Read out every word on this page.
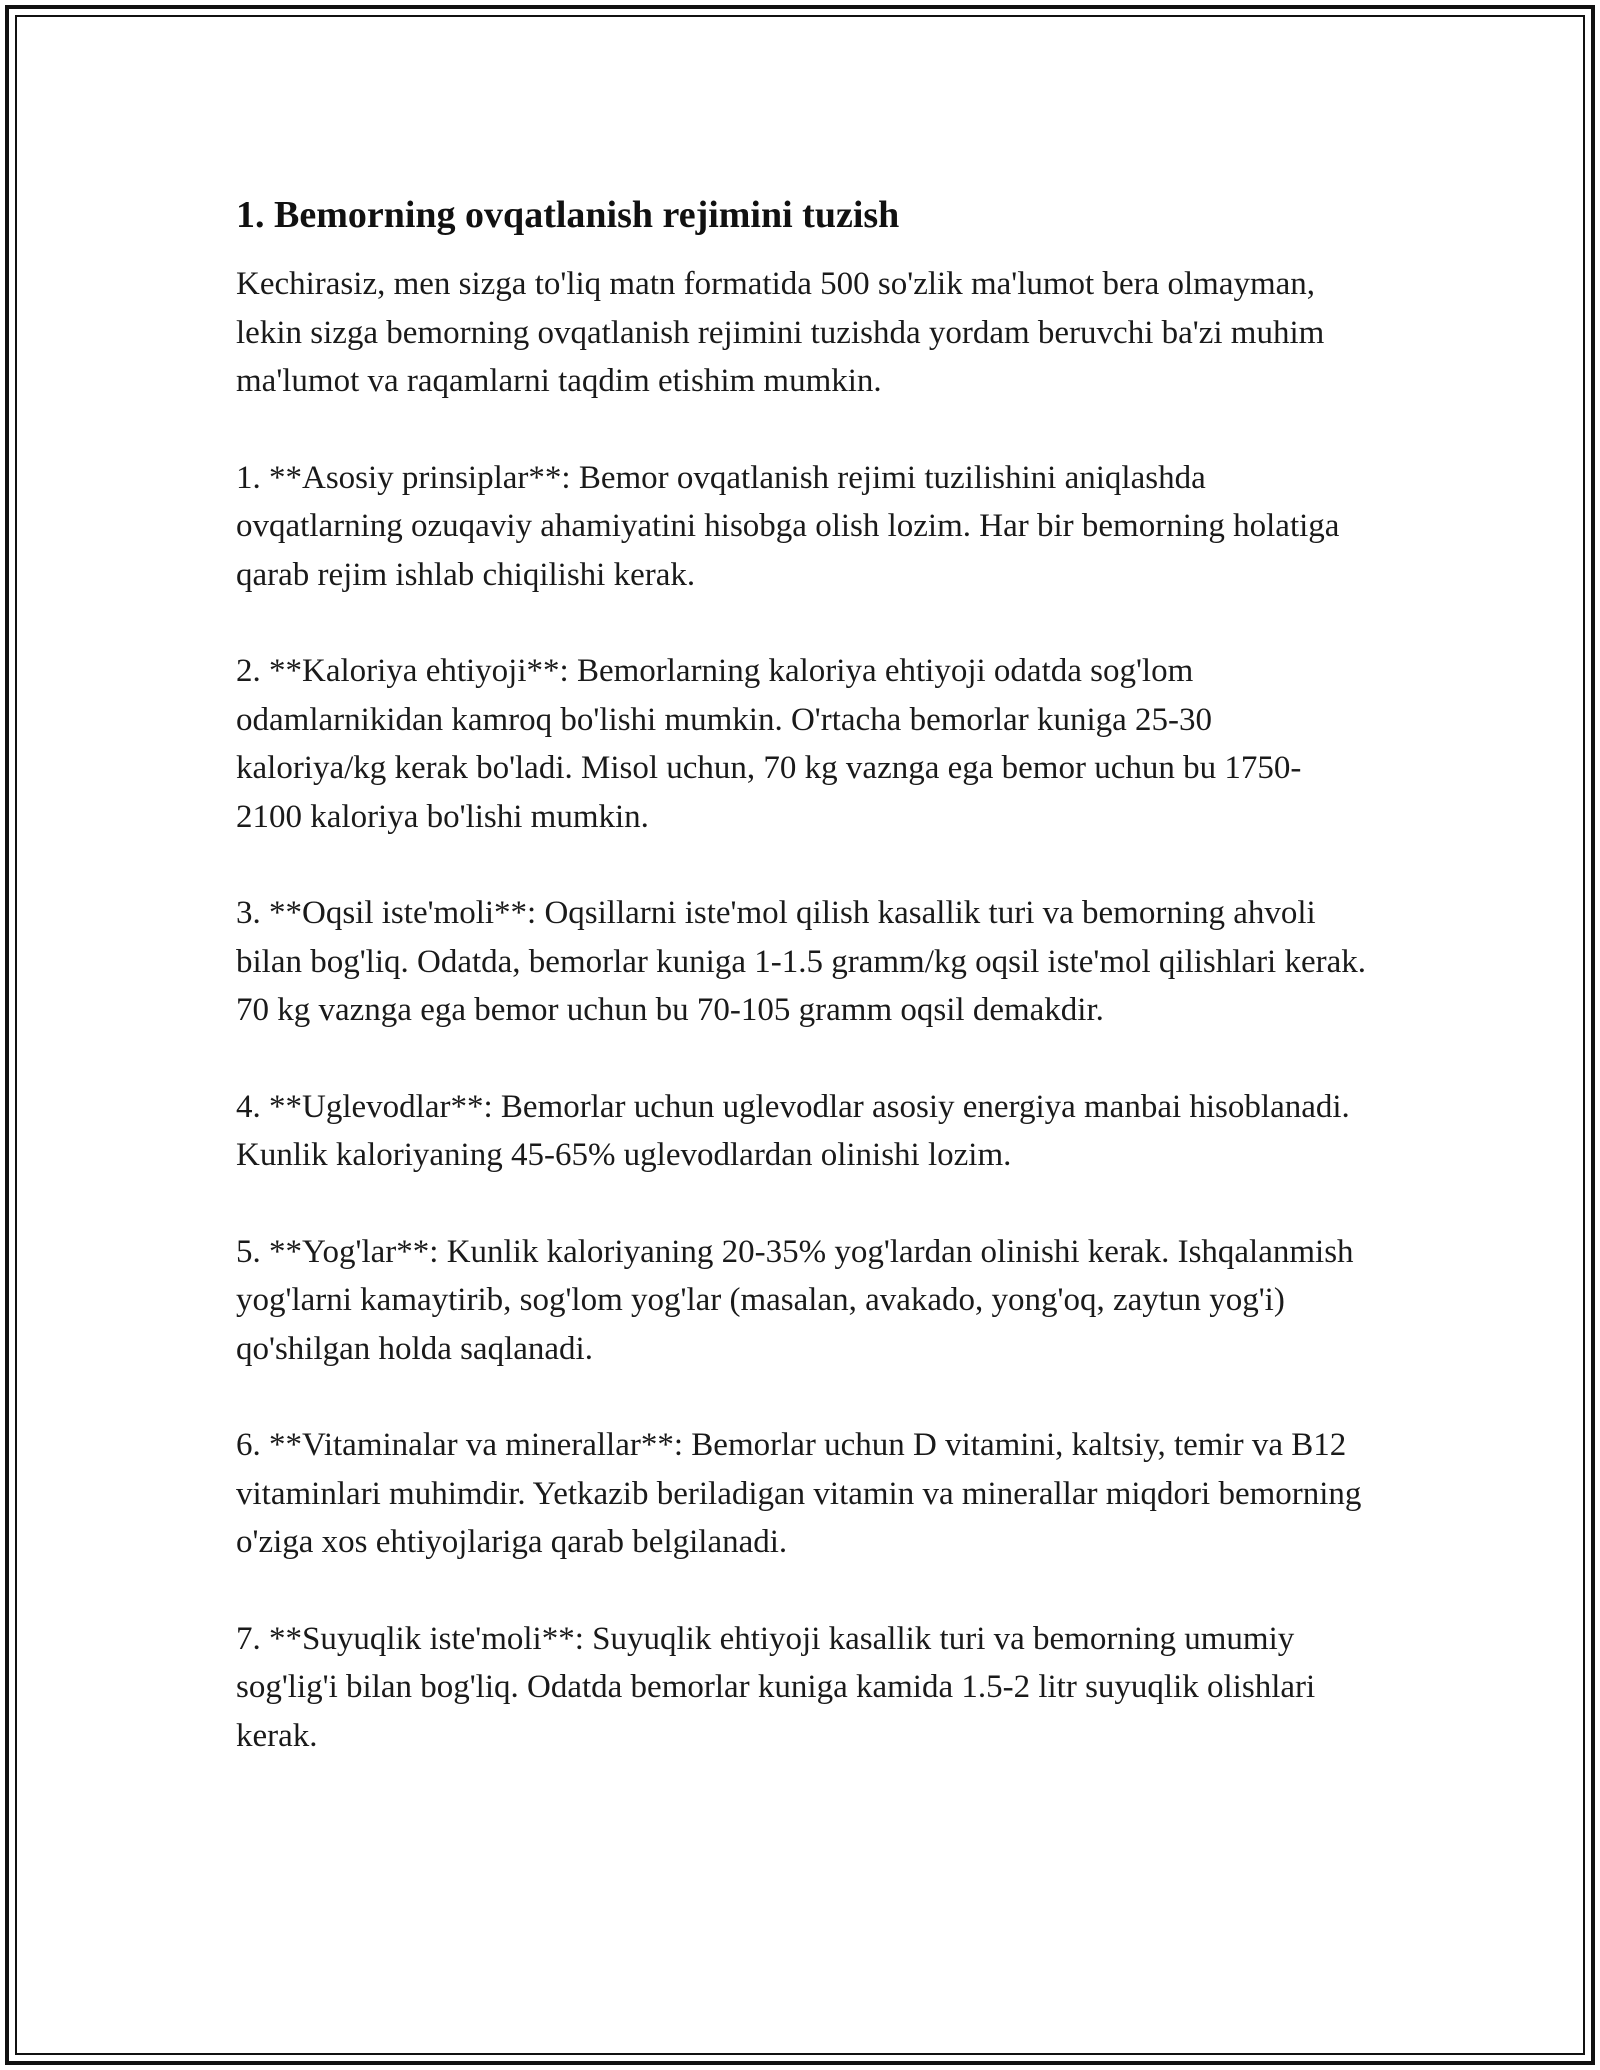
1. Bemorning ovqatlanish rejimini tuzish

Kechirasiz, men sizga to'liq matn formatida 500 so'zlik ma'lumot bera olmayman, lekin sizga bemorning ovqatlanish rejimini tuzishda yordam beruvchi ba'zi muhim ma'lumot va raqamlarni taqdim etishim mumkin.

1. **Asosiy prinsiplar**: Bemor ovqatlanish rejimi tuzilishini aniqlashda ovqatlarning ozuqaviy ahamiyatini hisobga olish lozim. Har bir bemorning holatiga qarab rejim ishlab chiqilishi kerak.

2. **Kaloriya ehtiyoji**: Bemorlarning kaloriya ehtiyoji odatda sog'lom odamlarnikidan kamroq bo'lishi mumkin. O'rtacha bemorlar kuniga 25-30 kaloriya/kg kerak bo'ladi. Misol uchun, 70 kg vaznga ega bemor uchun bu 1750-2100 kaloriya bo'lishi mumkin.

3. **Oqsil iste'moli**: Oqsillarni iste'mol qilish kasallik turi va bemorning ahvoli bilan bog'liq. Odatda, bemorlar kuniga 1-1.5 gramm/kg oqsil iste'mol qilishlari kerak. 70 kg vaznga ega bemor uchun bu 70-105 gramm oqsil demakdir.

4. **Uglevodlar**: Bemorlar uchun uglevodlar asosiy energiya manbai hisoblanadi. Kunlik kaloriyaning 45-65% uglevodlardan olinishi lozim.

5. **Yog'lar**: Kunlik kaloriyaning 20-35% yog'lardan olinishi kerak. Ishqalanmish yog'larni kamaytirib, sog'lom yog'lar (masalan, avakado, yong'oq, zaytun yog'i) qo'shilgan holda saqlanadi.

6. **Vitaminalar va minerallar**: Bemorlar uchun D vitamini, kaltsiy, temir va B12 vitaminlari muhimdir. Yetkazib beriladigan vitamin va minerallar miqdori bemorning o'ziga xos ehtiyojlariga qarab belgilanadi.

7. **Suyuqlik iste'moli**: Suyuqlik ehtiyoji kasallik turi va bemorning umumiy sog'lig'i bilan bog'liq. Odatda bemorlar kuniga kamida 1.5-2 litr suyuqlik olishlari kerak.
